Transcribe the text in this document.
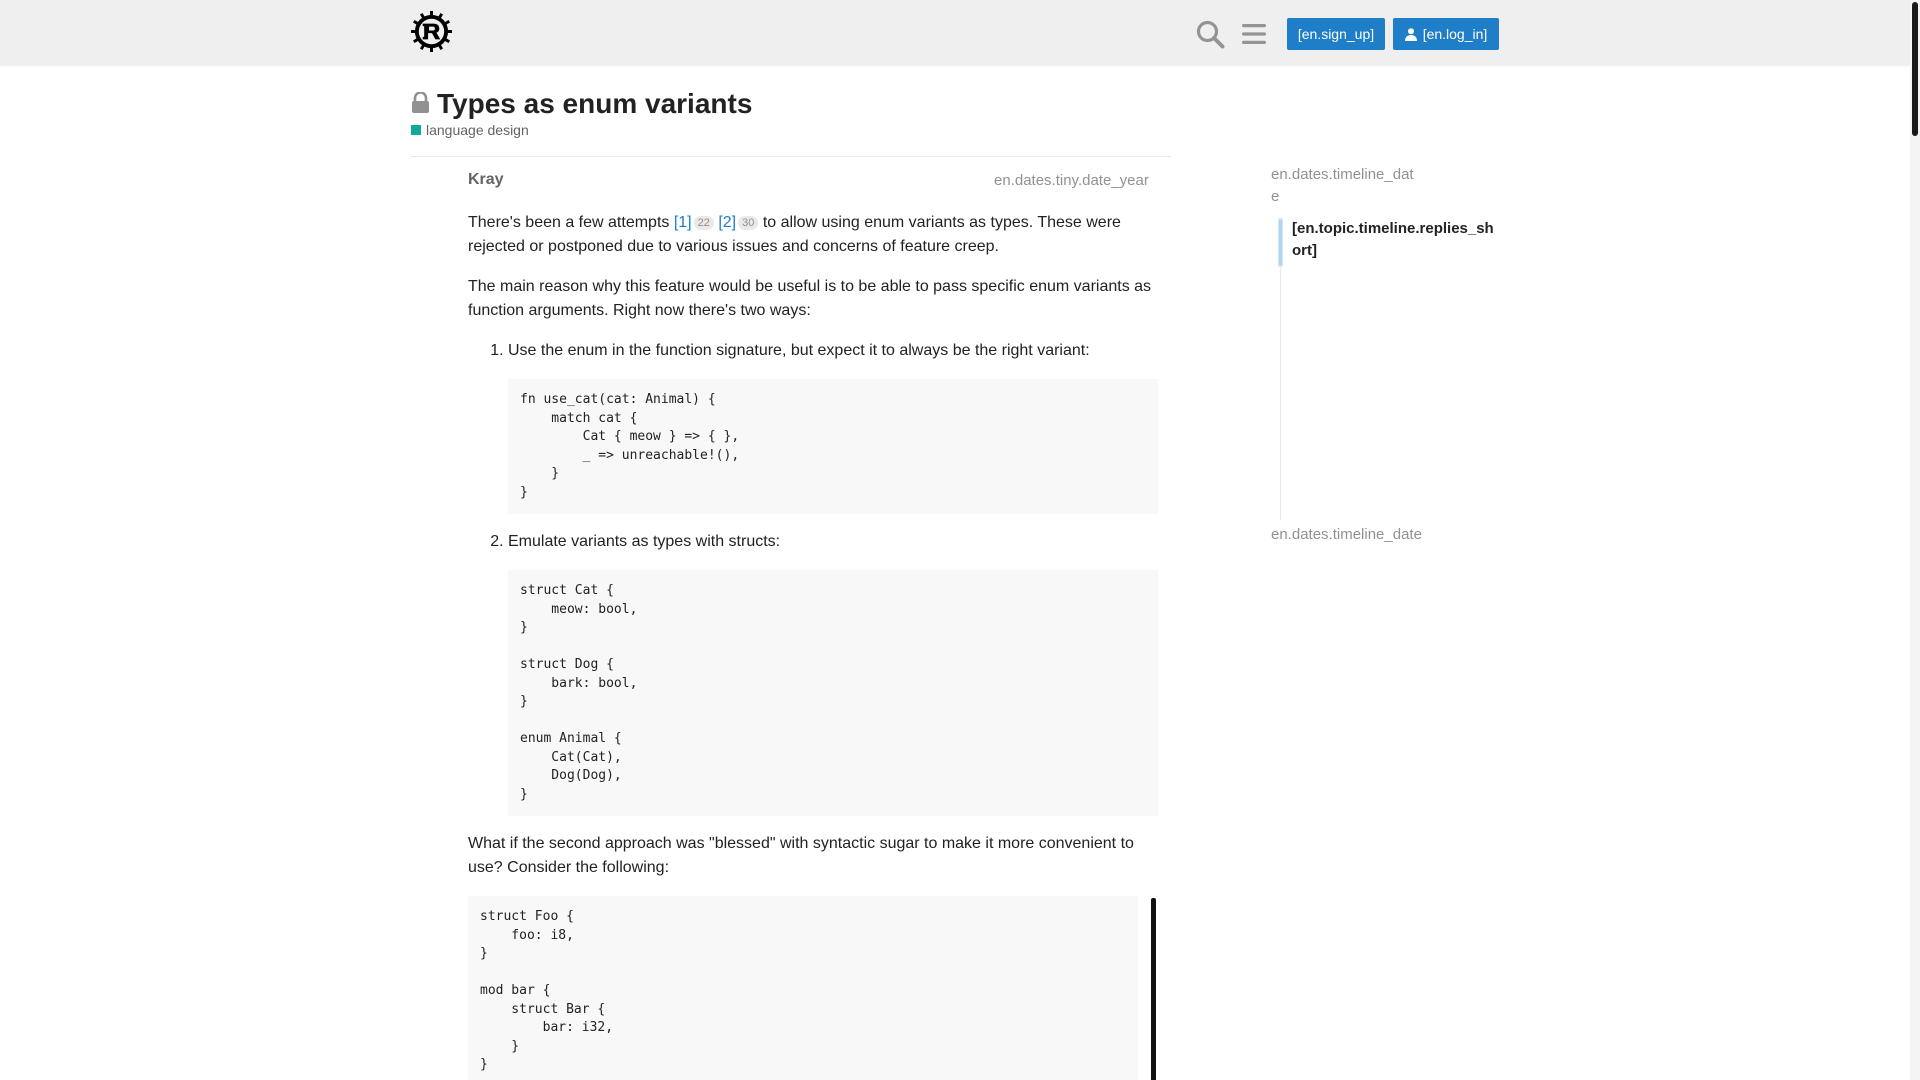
[en.sign_up]	[en.log_in]
Types as enum variants
language design
Kray	en.dates.tiny.date_year

There's been a few attempts [1] 22 [2] 30 to allow using enum variants as types. These were rejected or postponed due to various issues and concerns of feature creep.

The main reason why this feature would be useful is to be able to pass specific enum variants as function arguments. Right now there's two ways:

1. Use the enum in the function signature, but expect it to always be the right variant:
fn use_cat(cat: Animal) {
match cat {
Cat { meow } => { },
_ => unreachable!(),
}
}
2. Emulate variants as types with structs:
struct Cat {
meow: bool,
}

struct Dog {
bark: bool,
}

enum Animal {
Cat(Cat),
Dog(Dog),
}

What if the second approach was "blessed" with syntactic sugar to make it more convenient to use? Consider the following:

struct Foo {
foo: i8,
}

mod bar {
struct Bar {
bar: i32,
}
}
en.dates.timeline_date
[en.topic.timeline.replies_short]
en.dates.timeline_date
